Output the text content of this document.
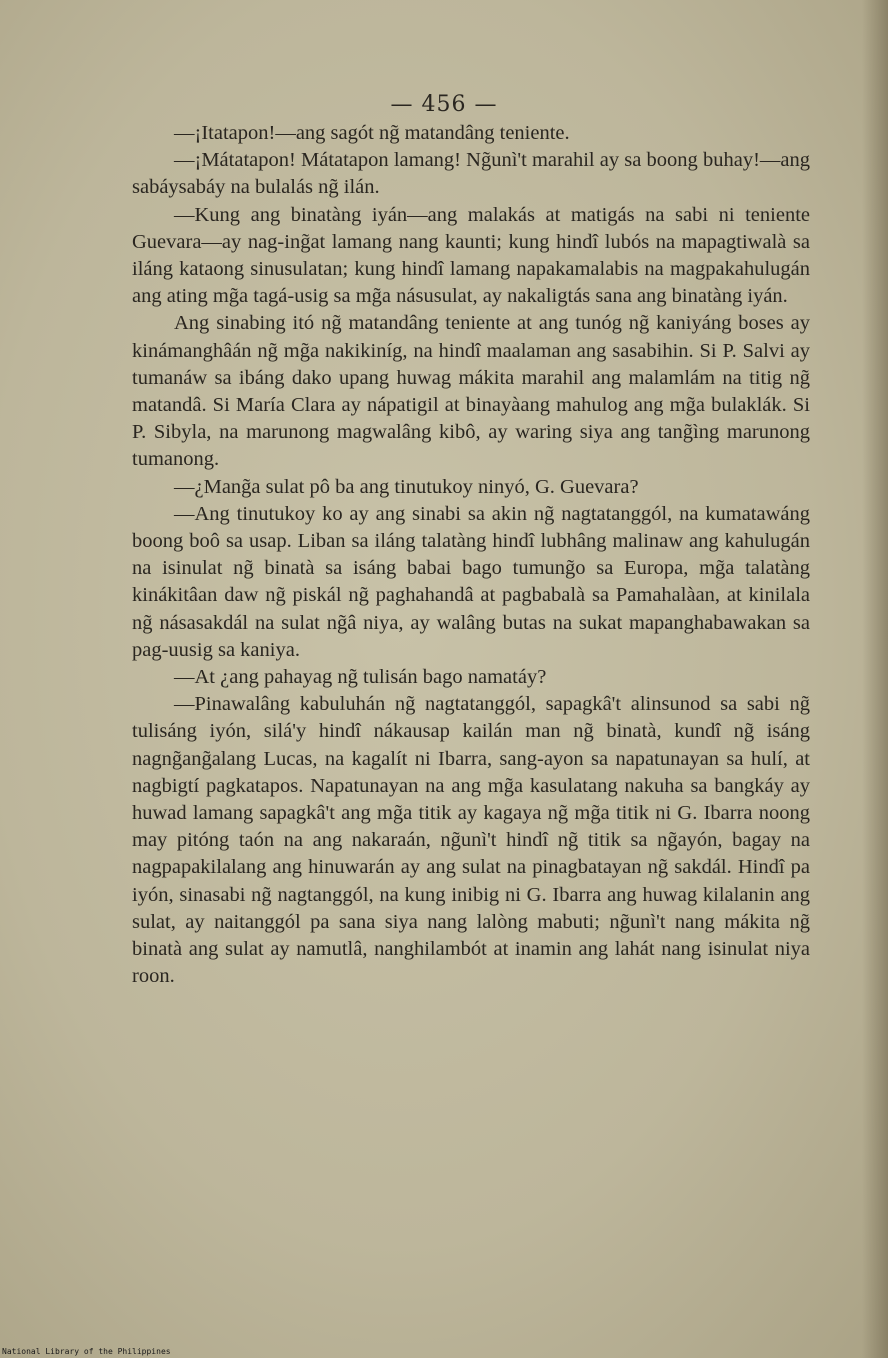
— 456 —

—¡Itatapon!—ang sagót ng̃ matandâng teniente.

—¡Mátatapon! Mátatapon lamang! Ng̃unì't marahil ay sa boong buhay!—ang sabáysabáy na bulalás ng̃ ilán.

—Kung ang binatàng iyán—ang malakás at matigás na sabi ni teniente Guevara—ay nag-ing̃at lamang nang kaunti; kung hindî lubós na mapagtiwalà sa iláng kataong sinusulatan; kung hindî lamang napakamalabis na magpakahulugán ang ating mg̃a tagá-usig sa mg̃a násusulat, ay nakaligtás sana ang binatàng iyán.

Ang sinabing itó ng̃ matandâng teniente at ang tunóg ng̃ kaniyáng boses ay kinámanghâán ng̃ mg̃a nakikiníg, na hindî maalaman ang sasabihin. Si P. Salvi ay tumanáw sa ibáng dako upang huwag mákita marahil ang malamlám na titig ng̃ matandâ. Si María Clara ay nápatigil at binayàang mahulog ang mg̃a bulaklák. Si P. Sibyla, na marunong magwalâng kibô, ay waring siya ang tang̃ìng marunong tumanong.

—¿Mang̃a sulat pô ba ang tinutukoy ninyó, G. Guevara?

—Ang tinutukoy ko ay ang sinabi sa akin ng̃ nagtatanggól, na kumatawáng boong boô sa usap. Liban sa iláng talatàng hindî lubhâng malinaw ang kahulugán na isinulat ng̃ binatà sa isáng babai bago tumung̃o sa Europa, mg̃a talatàng kinákitâan daw ng̃ piskál ng̃ paghahandâ at pagbabalà sa Pamahalàan, at kinilala ng̃ násasakdál na sulat ng̃â niya, ay walâng butas na sukat mapanghabawakan sa pag-uusig sa kaniya.

—At ¿ang pahayag ng̃ tulisán bago namatáy?

—Pinawalâng kabuluhán ng̃ nagtatanggól, sapagkâ't alinsunod sa sabi ng̃ tulisáng iyón, silá'y hindî nákausap kailán man ng̃ binatà, kundî ng̃ isáng nagng̃ang̃alang Lucas, na kagalít ni Ibarra, sang-ayon sa napatunayan sa hulí, at nagbigtí pagkatapos. Napatunayan na ang mg̃a kasulatang nakuha sa bangkáy ay huwad lamang sapagkâ't ang mg̃a titik ay kagaya ng̃ mg̃a titik ni G. Ibarra noong may pitóng taón na ang nakaraán, ng̃unì't hindî ng̃ titik sa ng̃ayón, bagay na nagpapakilalang ang hinuwarán ay ang sulat na pinagbatayan ng̃ sakdál. Hindî pa iyón, sinasabi ng̃ nagtanggól, na kung inibig ni G. Ibarra ang huwag kilalanin ang sulat, ay naitanggól pa sana siya nang lalòng mabuti; ng̃unì't nang mákita ng̃ binatà ang sulat ay namutlâ, nanghilambót at inamin ang lahát nang isinulat niya roon.

National Library of the Philippines
